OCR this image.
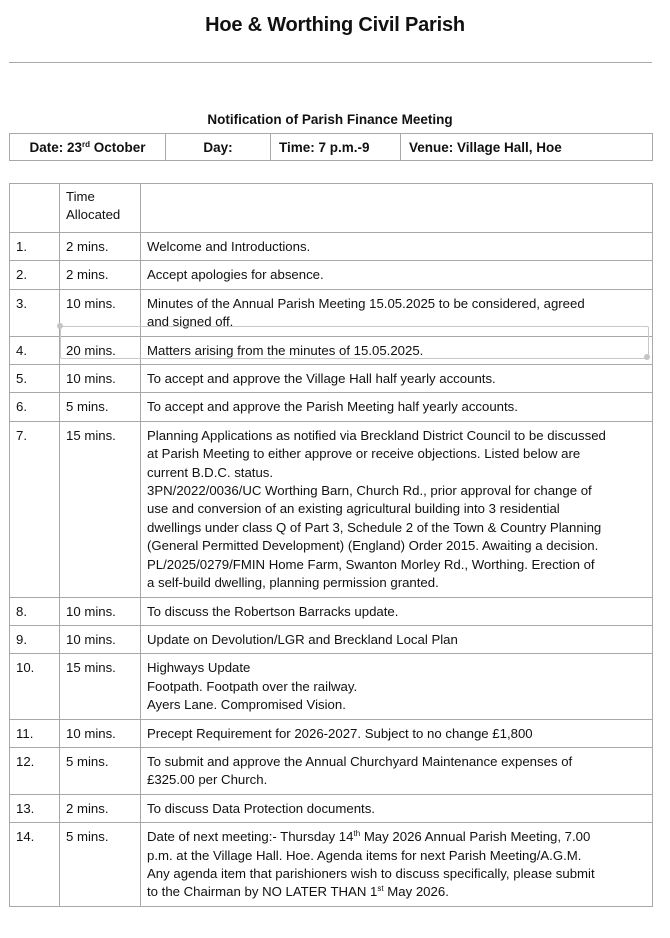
Hoe & Worthing Civil Parish
Notification of Parish Finance Meeting
Date: 23rd October	Day:	Time: 7 p.m.-9	Venue: Village Hall, Hoe

	Time
Allocated	

1.	2 mins.	Welcome and Introductions.

2.	2 mins.	Accept apologies for absence.

3.	10 mins.	Minutes of the Annual Parish Meeting 15.05.2025 to be considered, agreed
and signed off.

4.	20 mins.	Matters arising from the minutes of 15.05.2025.

5.	10 mins.	To accept and approve the Village Hall half yearly accounts.

6.	5 mins.	To accept and approve the Parish Meeting half yearly accounts.

7.	15 mins.	Planning Applications as notified via Breckland District Council to be discussed
at Parish Meeting to either approve or receive objections. Listed below are
current B.D.C. status.
3PN/2022/0036/UC Worthing Barn, Church Rd., prior approval for change of
use and conversion of an existing agricultural building into 3 residential
dwellings under class Q of Part 3, Schedule 2 of the Town & Country Planning
(General Permitted Development) (England) Order 2015. Awaiting a decision.
PL/2025/0279/FMIN Home Farm, Swanton Morley Rd., Worthing. Erection of
a self-build dwelling, planning permission granted.

8.	10 mins.	To discuss the Robertson Barracks update.

9.	10 mins.	Update on Devolution/LGR and Breckland Local Plan

10.	15 mins.	Highways Update
Footpath. Footpath over the railway.
Ayers Lane. Compromised Vision.

11.	10 mins.	Precept Requirement for 2026-2027. Subject to no change £1,800

12.	5 mins.	To submit and approve the Annual Churchyard Maintenance expenses of
£325.00 per Church.

13.	2 mins.	To discuss Data Protection documents.

14.	5 mins.	Date of next meeting:- Thursday 14th May 2026 Annual Parish Meeting, 7.00
p.m. at the Village Hall. Hoe. Agenda items for next Parish Meeting/A.G.M.
Any agenda item that parishioners wish to discuss specifically, please submit
to the Chairman by NO LATER THAN 1st May 2026.
